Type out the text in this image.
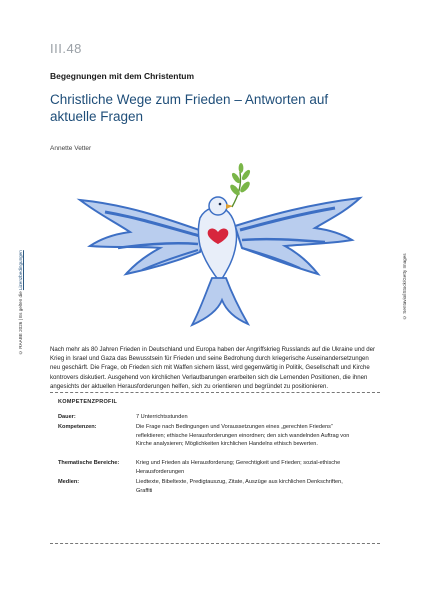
III.48
Begegnungen mit dem Christentum
Christliche Wege zum Frieden – Antworten auf aktuelle Fragen
Annette Vetter
© RAABE 2026 | Es gelten die Lizenzbedingungen	© Sentavio/iStock/Getty Images
Nach mehr als 80 Jahren Frieden in Deutschland und Europa haben der Angriffskrieg Russlands auf die Ukraine und der Krieg in Israel und Gaza das Bewusstsein für Frieden und seine Bedrohung durch kriegerische Auseinandersetzungen neu geschärft. Die Frage, ob Frieden sich mit Waffen sichern lässt, wird gegenwärtig in Politik, Gesellschaft und Kirche kontrovers diskutiert. Ausgehend von kirchlichen Verlautbarungen erarbeiten sich die Lernenden Positionen, die ihnen angesichts der aktuellen Herausforderungen helfen, sich zu orientieren und begründet zu positionieren.
KOMPETENZPROFIL
Dauer:	7 Unterrichtsstunden
Kompetenzen:	Die Frage nach Bedingungen und Voraussetzungen eines „gerechten Friedens“ reflektieren; ethische Herausforderungen einordnen; den sich wandelnden Auftrag von Kirche analysieren; Möglichkeiten kirchlichen Handelns ethisch bewerten.
Thematische Bereiche:	Krieg und Frieden als Herausforderung; Gerechtigkeit und Frieden; sozial-ethische Herausforderungen
Medien:	Liedtexte, Bibeltexte, Predigtauszug, Zitate, Auszüge aus kirchlichen Denkschriften, Graffiti
